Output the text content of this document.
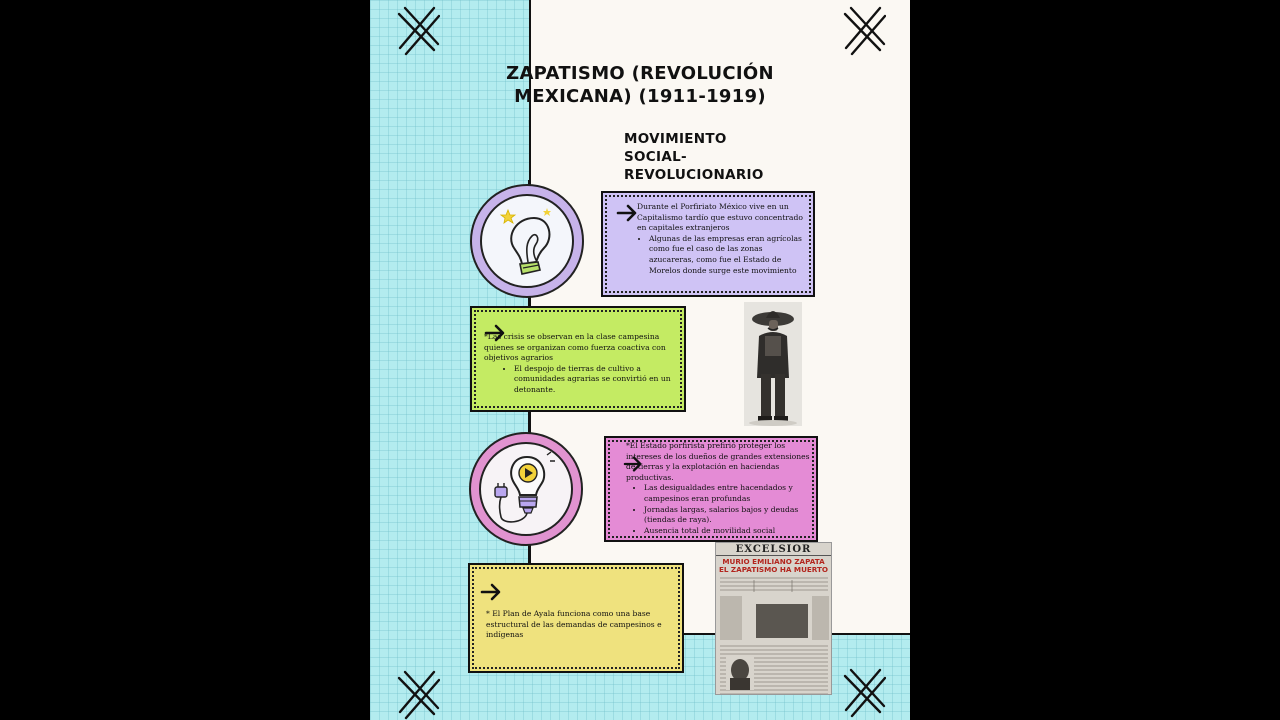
ZAPATISMO (REVOLUCIÓN MEXICANA) (1911-1919)
MOVIMIENTO SOCIAL-REVOLUCIONARIO
Durante el Porfiriato México vive en un Capitalismo tardío que estuvo concentrado en capitales extranjeros
• Algunas de las empresas eran agrícolas como fue el caso de las zonas azucareras, como fue el Estado de Morelos donde surge este movimiento

*Las crisis se observan en la clase campesina quienes se organizan como fuerza coactiva con objetivos agrarios

• El despojo de tierras de cultivo a comunidades agrarias se convirtió en un detonante.

*El Estado porfirista prefirió proteger los intereses de los dueños de grandes extensiones de tierras y la explotación en haciendas productivas.

• Las desigualdades entre hacendados y campesinos eran profundas
• Jornadas largas, salarios bajos y deudas (tiendas de raya).
• Ausencia total de movilidad social

* El Plan de Ayala funciona como una base estructural de las demandas de campesinos e indígenas

EXCELSIOR
MURIO EMILIANO ZAPATA
EL ZAPATISMO HA MUERTO
